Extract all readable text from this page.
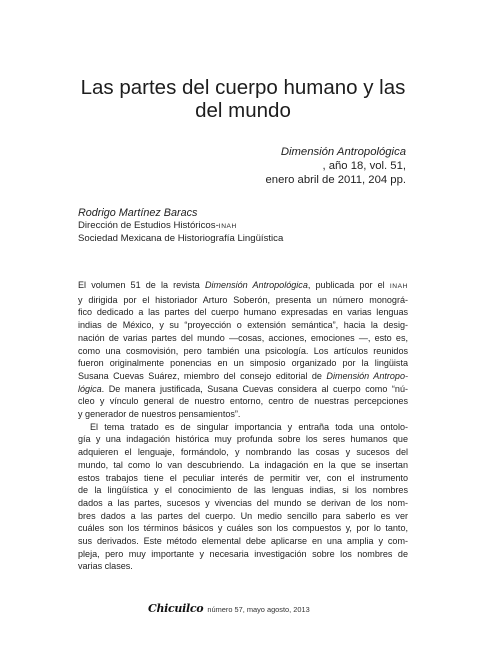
Las partes del cuerpo humano y las
del mundo
Dimensión Antropológica
, año 18, vol. 51,
enero abril de 2011, 204 pp.
Rodrigo Martínez Baracs
Dirección de Estudios Históricos-INAH
Sociedad Mexicana de Historiografía Lingüística
El volumen 51 de la revista Dimensión Antropológica, publicada por el INAH
y dirigida por el historiador Arturo Soberón, presenta un número monográ-
fico dedicado a las partes del cuerpo humano expresadas en varias lenguas
indias de México, y su “proyección o extensión semántica”, hacia la desig-
nación de varias partes del mundo —cosas, acciones, emociones —, esto es,
como una cosmovisión, pero también una psicología. Los artículos reunidos
fueron originalmente ponencias en un simposio organizado por la lingüista
Susana Cuevas Suárez, miembro del consejo editorial de Dimensión Antropo-
lógica. De manera justificada, Susana Cuevas considera al cuerpo como “nú-
cleo y vínculo general de nuestro entorno, centro de nuestras percepciones
y generador de nuestros pensamientos”.
El tema tratado es de singular importancia y entraña toda una ontolo-
gía y una indagación histórica muy profunda sobre los seres humanos que
adquieren el lenguaje, formándolo, y nombrando las cosas y sucesos del
mundo, tal como lo van descubriendo. La indagación en la que se insertan
estos trabajos tiene el peculiar interés de permitir ver, con el instrumento
de la lingüística y el conocimiento de las lenguas indias, si los nombres
dados a las partes, sucesos y vivencias del mundo se derivan de los nom-
bres dados a las partes del cuerpo. Un medio sencillo para saberlo es ver
cuáles son los términos básicos y cuáles son los compuestos y, por lo tanto,
sus derivados. Este método elemental debe aplicarse en una amplia y com-
pleja, pero muy importante y necesaria investigación sobre los nombres de
varias clases.
Chicuilco número 57, mayo agosto, 2013
